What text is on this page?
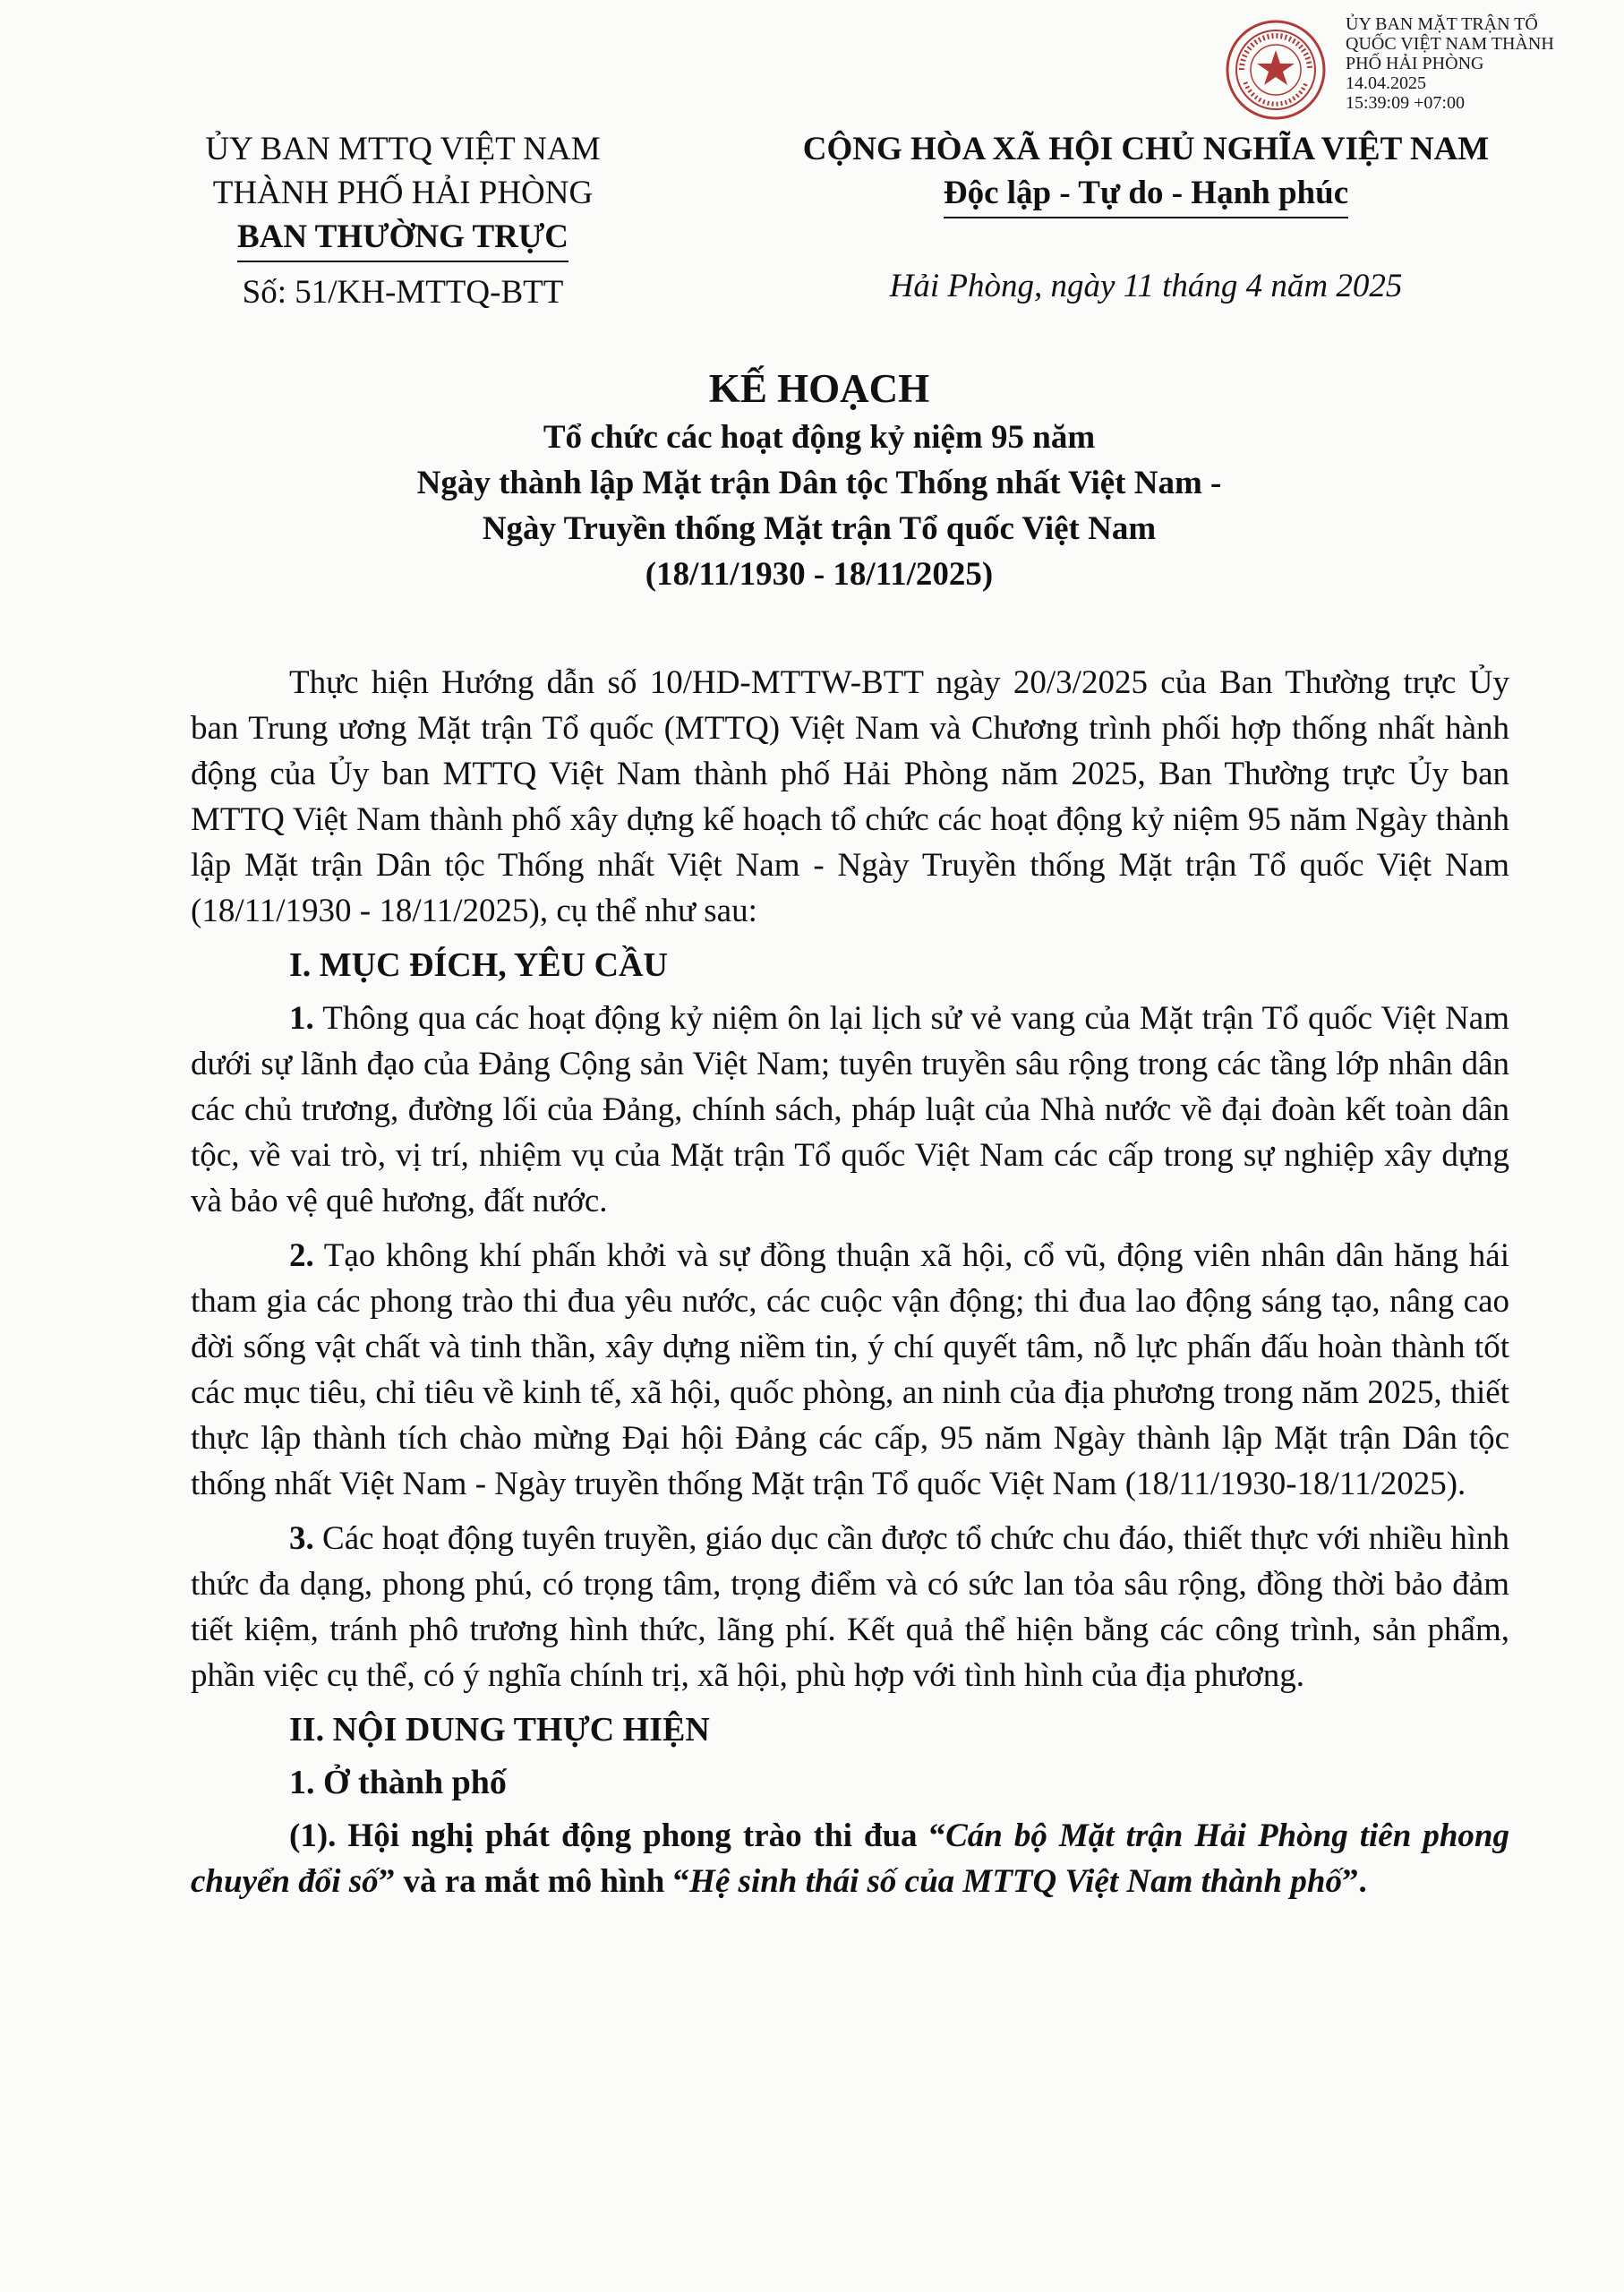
ỦY BAN MẶT TRẬN TỔ
QUỐC VIỆT NAM THÀNH
PHỐ HẢI PHÒNG
14.04.2025
15:39:09 +07:00
ỦY BAN MTTQ VIỆT NAM
THÀNH PHỐ HẢI PHÒNG
BAN THƯỜNG TRỰC
Số: 51/KH-MTTQ-BTT
CỘNG HÒA XÃ HỘI CHỦ NGHĨA VIỆT NAM
Độc lập - Tự do - Hạnh phúc
Hải Phòng, ngày 11 tháng 4 năm 2025
KẾ HOẠCH
Tổ chức các hoạt động kỷ niệm 95 năm
Ngày thành lập Mặt trận Dân tộc Thống nhất Việt Nam -
Ngày Truyền thống Mặt trận Tổ quốc Việt Nam
(18/11/1930 - 18/11/2025)

Thực hiện Hướng dẫn số 10/HD-MTTW-BTT ngày 20/3/2025 của Ban Thường trực Ủy ban Trung ương Mặt trận Tổ quốc (MTTQ) Việt Nam và Chương trình phối hợp thống nhất hành động của Ủy ban MTTQ Việt Nam thành phố Hải Phòng năm 2025, Ban Thường trực Ủy ban MTTQ Việt Nam thành phố xây dựng kế hoạch tổ chức các hoạt động kỷ niệm 95 năm Ngày thành lập Mặt trận Dân tộc Thống nhất Việt Nam - Ngày Truyền thống Mặt trận Tổ quốc Việt Nam (18/11/1930 - 18/11/2025), cụ thể như sau:

I. MỤC ĐÍCH, YÊU CẦU

1. Thông qua các hoạt động kỷ niệm ôn lại lịch sử vẻ vang của Mặt trận Tổ quốc Việt Nam dưới sự lãnh đạo của Đảng Cộng sản Việt Nam; tuyên truyền sâu rộng trong các tầng lớp nhân dân các chủ trương, đường lối của Đảng, chính sách, pháp luật của Nhà nước về đại đoàn kết toàn dân tộc, về vai trò, vị trí, nhiệm vụ của Mặt trận Tổ quốc Việt Nam các cấp trong sự nghiệp xây dựng và bảo vệ quê hương, đất nước.

2. Tạo không khí phấn khởi và sự đồng thuận xã hội, cổ vũ, động viên nhân dân hăng hái tham gia các phong trào thi đua yêu nước, các cuộc vận động; thi đua lao động sáng tạo, nâng cao đời sống vật chất và tinh thần, xây dựng niềm tin, ý chí quyết tâm, nỗ lực phấn đấu hoàn thành tốt các mục tiêu, chỉ tiêu về kinh tế, xã hội, quốc phòng, an ninh của địa phương trong năm 2025, thiết thực lập thành tích chào mừng Đại hội Đảng các cấp, 95 năm Ngày thành lập Mặt trận Dân tộc thống nhất Việt Nam - Ngày truyền thống Mặt trận Tổ quốc Việt Nam (18/11/1930-18/11/2025).

3. Các hoạt động tuyên truyền, giáo dục cần được tổ chức chu đáo, thiết thực với nhiều hình thức đa dạng, phong phú, có trọng tâm, trọng điểm và có sức lan tỏa sâu rộng, đồng thời bảo đảm tiết kiệm, tránh phô trương hình thức, lãng phí. Kết quả thể hiện bằng các công trình, sản phẩm, phần việc cụ thể, có ý nghĩa chính trị, xã hội, phù hợp với tình hình của địa phương.

II. NỘI DUNG THỰC HIỆN
1. Ở thành phố

(1). Hội nghị phát động phong trào thi đua “Cán bộ Mặt trận Hải Phòng tiên phong chuyển đổi số” và ra mắt mô hình “Hệ sinh thái số của MTTQ Việt Nam thành phố”.
